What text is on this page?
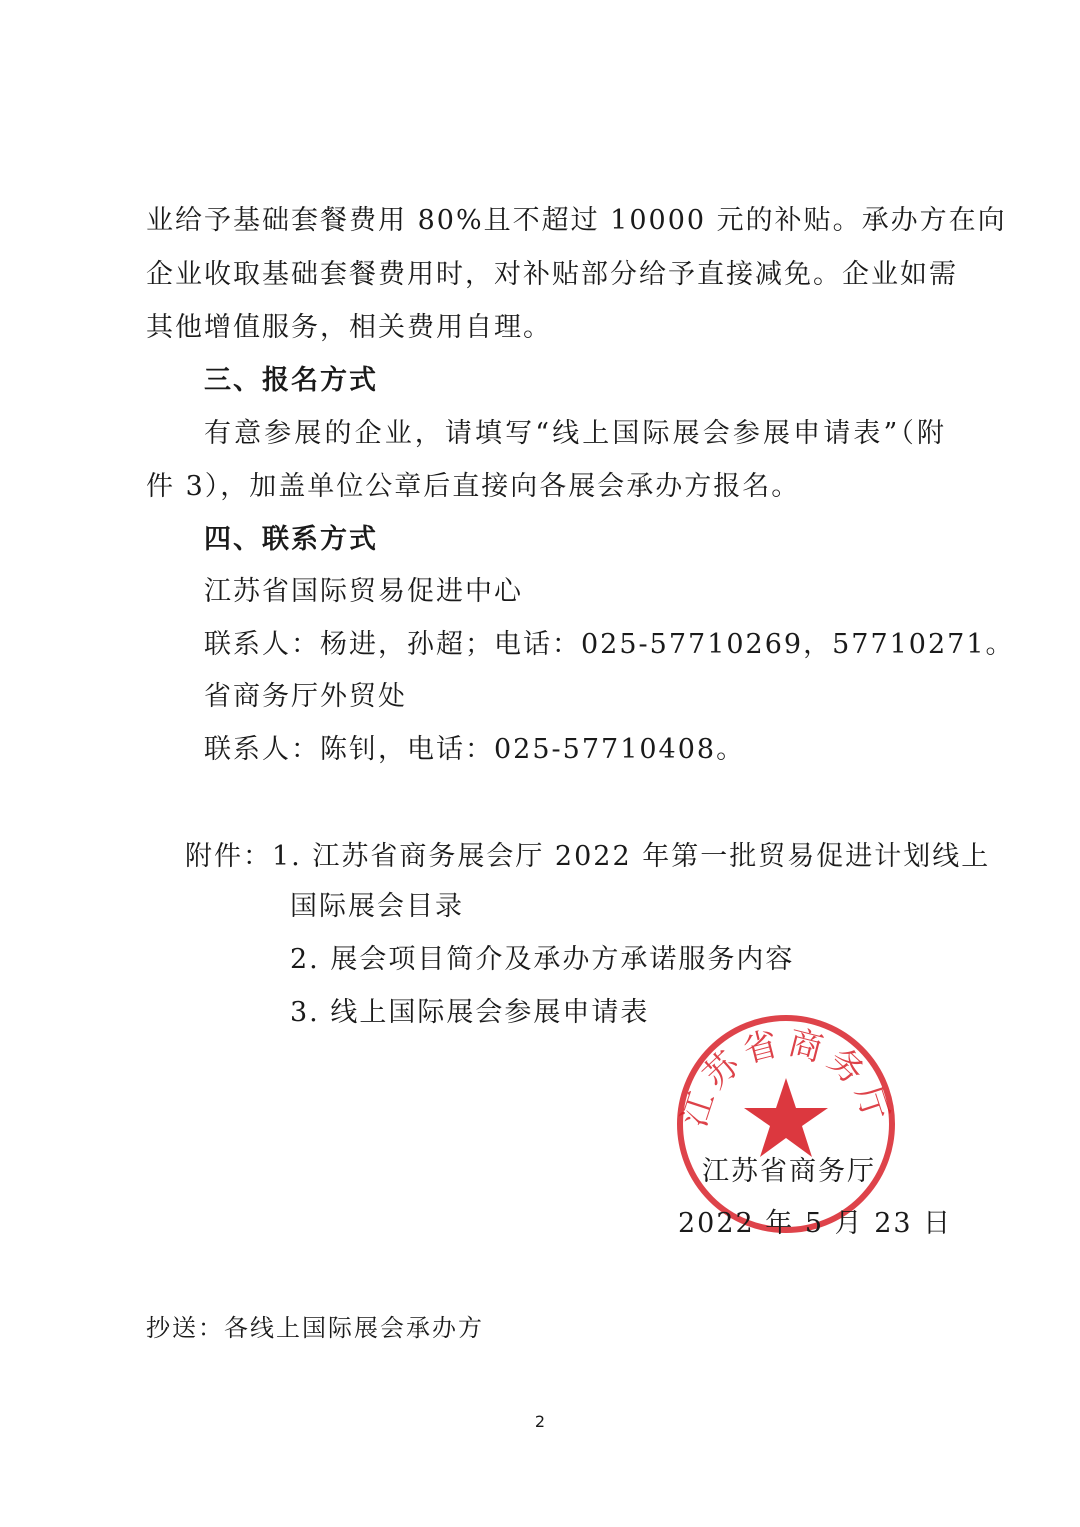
业给予基础套餐费用 80%且不超过 10000 元的补贴。承办方在向
企业收取基础套餐费用时，对补贴部分给予直接减免。企业如需
其他增值服务，相关费用自理。
三、报名方式
有意参展的企业，请填写“线上国际展会参展申请表”（附
件 3），加盖单位公章后直接向各展会承办方报名。
四、联系方式
江苏省国际贸易促进中心
联系人：杨进，孙超；电话：025-57710269，57710271。
省商务厅外贸处
联系人：陈钊，电话：025-57710408。
附件：1. 江苏省商务展会厅 2022 年第一批贸易促进计划线上
国际展会目录
2. 展会项目简介及承办方承诺服务内容
3. 线上国际展会参展申请表
江苏省商务厅
江苏省商务厅
2022 年 5 月 23 日
抄送：各线上国际展会承办方
2
